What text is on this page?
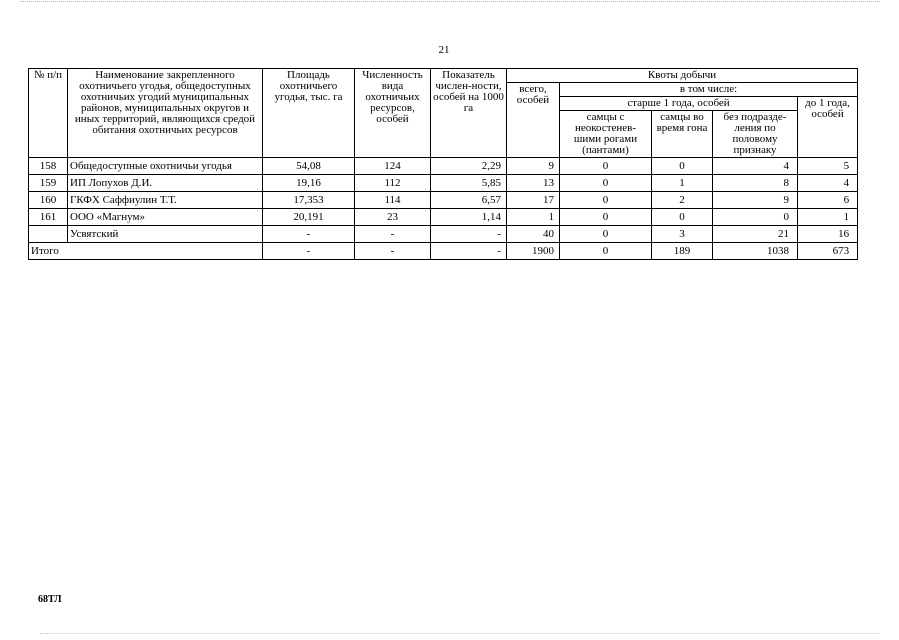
21
№ п/п	Наименование закрепленного охотничьего угодья, общедоступных охотничьих угодий муниципальных районов, муниципальных округов и иных территорий, являющихся средой обитания охотничьих ресурсов	Площадь охотничьего угодья, тыс. га	Численность вида охотничьих ресурсов, особей	Показатель числен-ности, особей на 1000 га	Квоты добычи				
					всего, особей	в том числе:			
						старше 1 года, особей			до 1 года, особей
						самцы с неокостенев-шими рогами (пантами)	самцы во время гона	без подразде-ления по половому признаку	
158	Общедоступные охотничьи угодья	54,08	124	2,29	9	0	0	4	5
159	ИП Лопухов Д.И.	19,16	112	5,85	13	0	1	8	4
160	ГКФХ Саффиулин Т.Т.	17,353	114	6,57	17	0	2	9	6
161	ООО «Магнум»	20,191	23	1,14	1	0	0	0	1
	Усвятский	-	-	-	40	0	3	21	16
Итого		-	-	-	1900	0	189	1038	673
68ТЛ
